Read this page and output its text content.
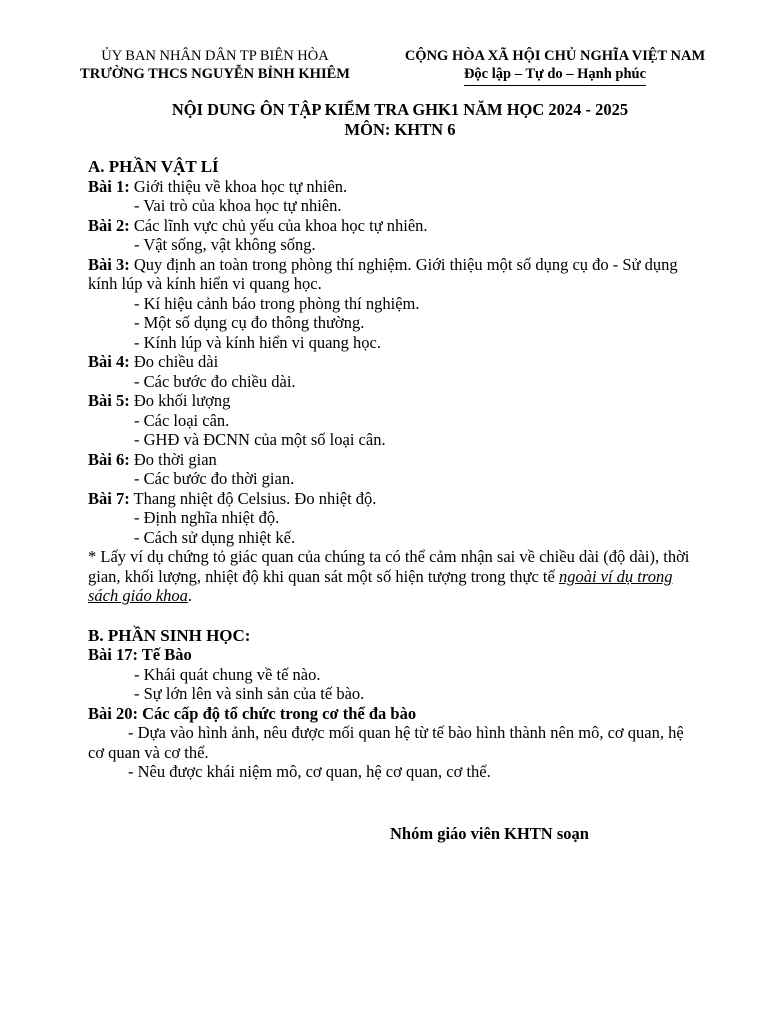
ỦY BAN NHÂN DÂN TP BIÊN HÒA
TRƯỜNG THCS NGUYỄN BỈNH KHIÊM
CỘNG HÒA XÃ HỘI CHỦ NGHĨA VIỆT NAM
Độc lập – Tự do – Hạnh phúc
NỘI DUNG ÔN TẬP KIỂM TRA GHK1 NĂM HỌC 2024 - 2025
MÔN: KHTN 6
A. PHẦN VẬT LÍ
Bài 1: Giới thiệu về khoa học tự nhiên.
- Vai trò của khoa học tự nhiên.
Bài 2: Các lĩnh vực chủ yếu của khoa học tự nhiên.
- Vật sống, vật không sống.
Bài 3: Quy định an toàn trong phòng thí nghiệm. Giới thiệu một số dụng cụ đo - Sử dụng kính lúp và kính hiển vi quang học.
- Kí hiệu cảnh báo trong phòng thí nghiệm.
- Một số dụng cụ đo thông thường.
- Kính lúp và kính hiển vi quang học.
Bài 4: Đo chiều dài
- Các bước đo chiều dài.
Bài 5: Đo khối lượng
- Các loại cân.
- GHĐ và ĐCNN của một số loại cân.
Bài 6: Đo thời gian
- Các bước đo thời gian.
Bài 7: Thang nhiệt độ Celsius. Đo nhiệt độ.
- Định nghĩa nhiệt độ.
- Cách sử dụng nhiệt kế.
* Lấy ví dụ chứng tỏ giác quan của chúng ta có thể cảm nhận sai về chiều dài (độ dài), thời gian, khối lượng, nhiệt độ khi quan sát một số hiện tượng trong thực tế ngoài ví dụ trong sách giáo khoa.
B. PHẦN SINH HỌC:
Bài 17: Tế Bào
- Khái quát chung về tế nào.
- Sự lớn lên và sinh sản của tế bào.
Bài 20: Các cấp độ tổ chức trong cơ thể đa bào
- Dựa vào hình ảnh, nêu được mối quan hệ từ tế bào hình thành nên mô, cơ quan, hệ cơ quan và cơ thể.
- Nêu được khái niệm mô, cơ quan, hệ cơ quan, cơ thể.
Nhóm giáo viên KHTN soạn
